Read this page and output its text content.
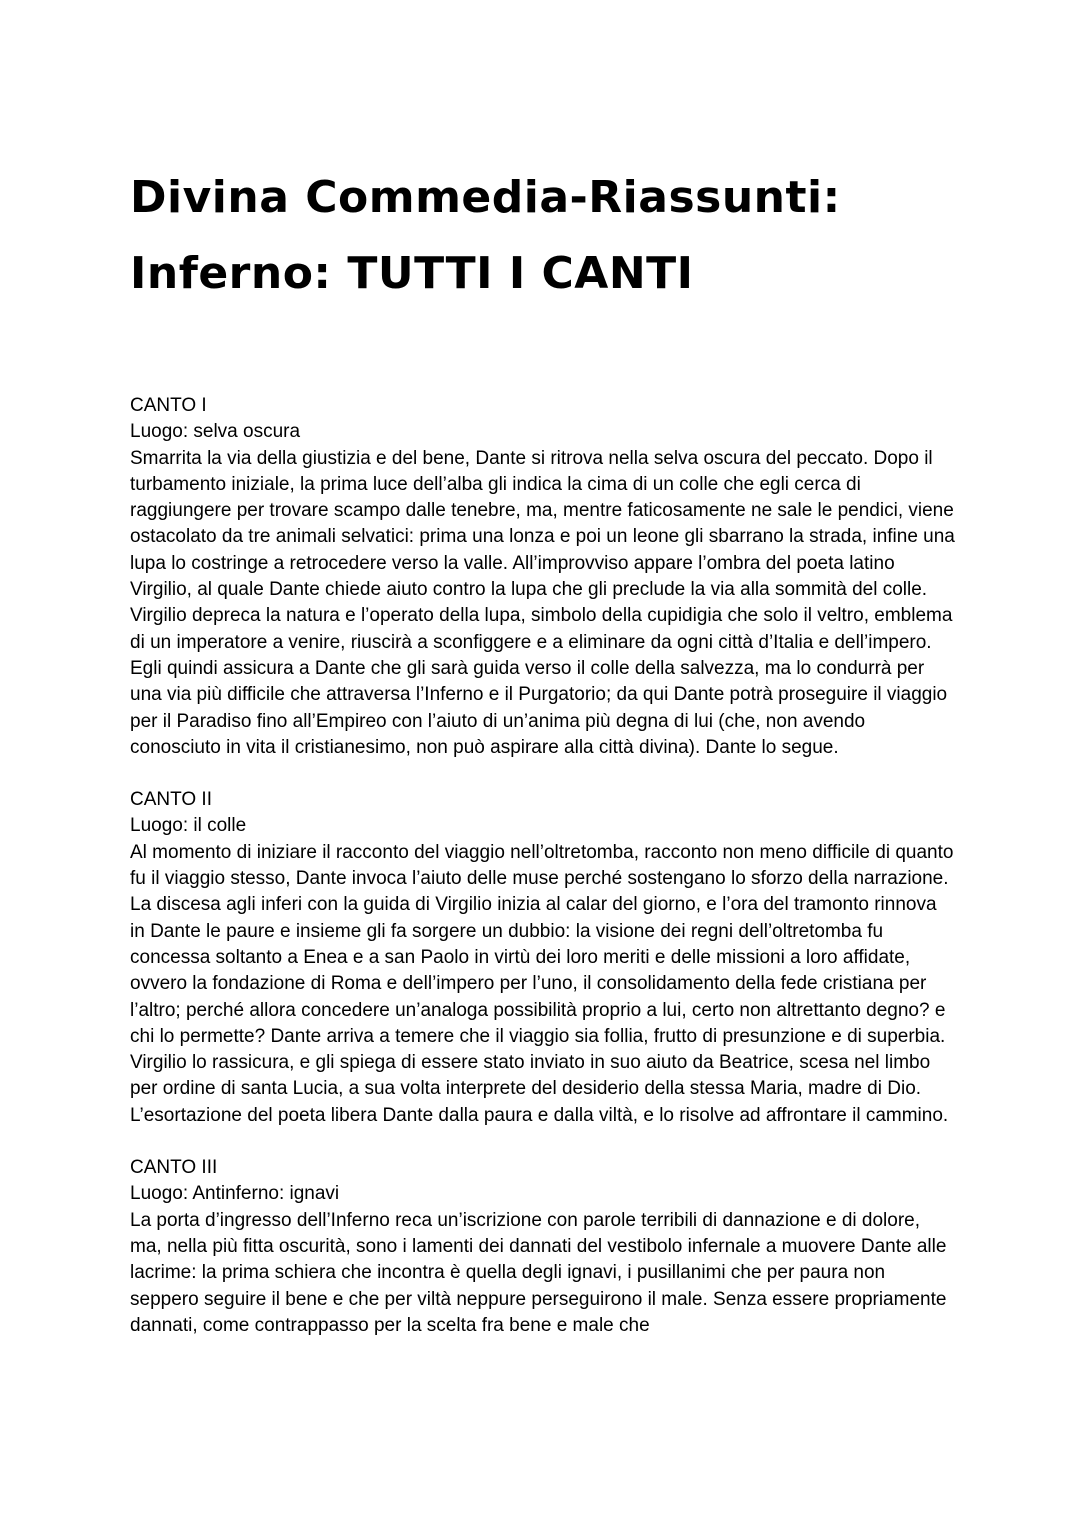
Divina Commedia-Riassunti:
Inferno: TUTTI I CANTI
CANTO I
Luogo: selva oscura

Smarrita la via della giustizia e del bene, Dante si ritrova nella selva oscura del peccato. Dopo il turbamento iniziale, la prima luce dell’alba gli indica la cima di un colle che egli cerca di raggiungere per trovare scampo dalle tenebre, ma, mentre faticosamente ne sale le pendici, viene ostacolato da tre animali selvatici: prima una lonza e poi un leone gli sbarrano la strada, infine una lupa lo costringe a retrocedere verso la valle. All’improvviso appare l’ombra del poeta latino Virgilio, al quale Dante chiede aiuto contro la lupa che gli preclude la via alla sommità del colle. Virgilio depreca la natura e l’operato della lupa, simbolo della cupidigia che solo il veltro, emblema di un imperatore a venire, riuscirà a sconfiggere e a eliminare da ogni città d’Italia e dell’impero. Egli quindi assicura a Dante che gli sarà guida verso il colle della salvezza, ma lo condurrà per una via più difficile che attraversa l’Inferno e il Purgatorio; da qui Dante potrà proseguire il viaggio per il Paradiso fino all’Empireo con l’aiuto di un’anima più degna di lui (che, non avendo conosciuto in vita il cristianesimo, non può aspirare alla città divina). Dante lo segue.

CANTO II
Luogo: il colle

Al momento di iniziare il racconto del viaggio nell’oltretomba, racconto non meno difficile di quanto fu il viaggio stesso, Dante invoca l’aiuto delle muse perché sostengano lo sforzo della narrazione. La discesa agli inferi con la guida di Virgilio inizia al calar del giorno, e l’ora del tramonto rinnova in Dante le paure e insieme gli fa sorgere un dubbio: la visione dei regni dell’oltretomba fu concessa soltanto a Enea e a san Paolo in virtù dei loro meriti e delle missioni a loro affidate, ovvero la fondazione di Roma e dell’impero per l’uno, il consolidamento della fede cristiana per l’altro; perché allora concedere un’analoga possibilità proprio a lui, certo non altrettanto degno? e chi lo permette? Dante arriva a temere che il viaggio sia follia, frutto di presunzione e di superbia. Virgilio lo rassicura, e gli spiega di essere stato inviato in suo aiuto da Beatrice, scesa nel limbo per ordine di santa Lucia, a sua volta interprete del desiderio della stessa Maria, madre di Dio. L’esortazione del poeta libera Dante dalla paura e dalla viltà, e lo risolve ad affrontare il cammino.

CANTO III
Luogo: Antinferno: ignavi

La porta d’ingresso dell’Inferno reca un’iscrizione con parole terribili di dannazione e di dolore, ma, nella più fitta oscurità, sono i lamenti dei dannati del vestibolo infernale a muovere Dante alle lacrime: la prima schiera che incontra è quella degli ignavi, i pusillanimi che per paura non seppero seguire il bene e che per viltà neppure perseguirono il male. Senza essere propriamente dannati, come contrappasso per la scelta fra bene e male che
